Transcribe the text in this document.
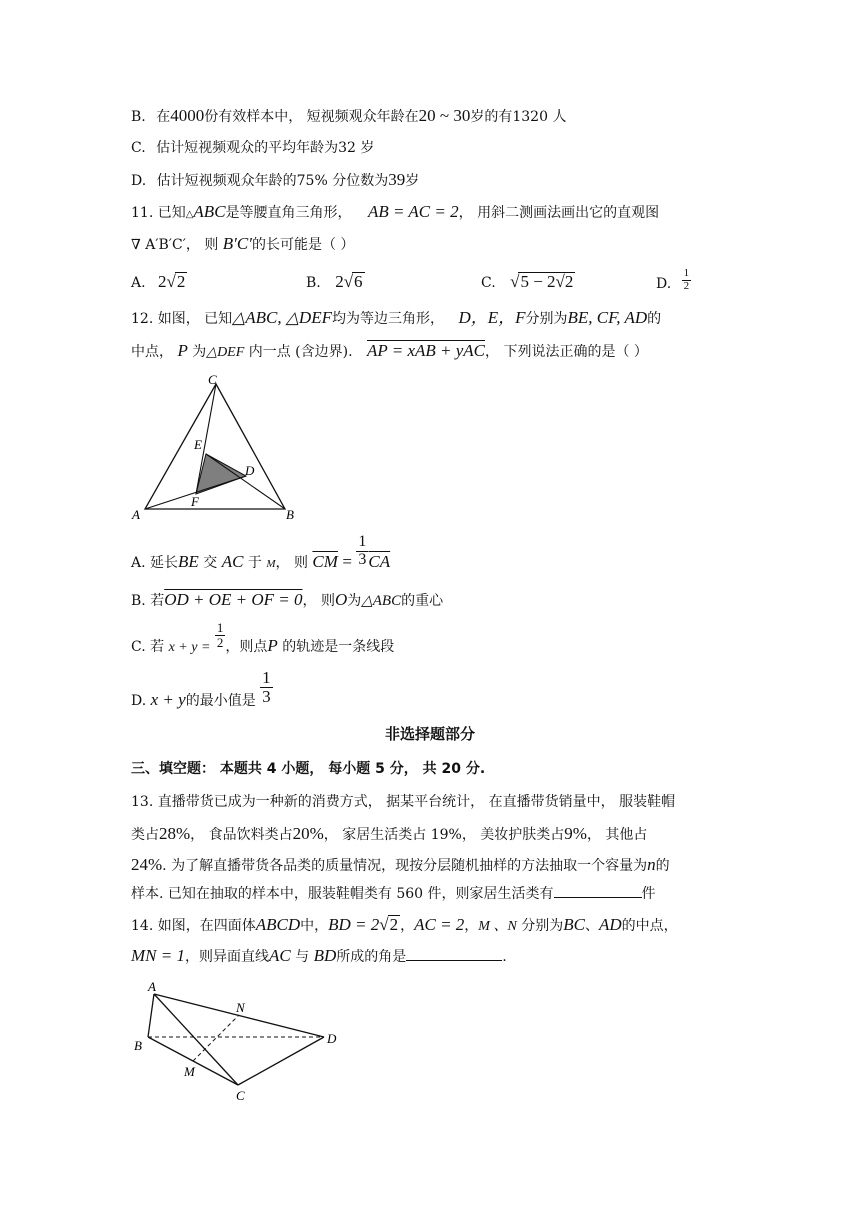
B. 在4000份有效样本中， 短视频观众年龄在20 ~ 30岁的有1320 人
C. 估计短视频观众的平均年龄为32 岁
D. 估计短视频观众年龄的75% 分位数为39岁
11. 已知△ABC是等腰直角三角形， AB = AC = 2， 用斜二测画法画出它的直观图
∇ A′B′C′， 则 B′C′的长可能是（ ）
A. 2√2	B. 2√6	C. √5 − 2√2	D. $\frac{1}{2}$
12. 如图， 已知△ABC, △DEF均为等边三角形， D，E，F分别为BE, CF, AD的
中点， P 为△DEF 内一点 (含边界). AP = xAB + yAC， 下列说法正确的是（ ）
C
E
D
F
A	B
A. 延长BE 交 AC 于 $_M$， 则 $\overline{CM} = \frac{1}{3} \overline{CA}$
B. 若OD + OE + OF = 0， 则O为△ABC的重心
C. 若 $x + y = \frac{1}{2}$ ，则点P 的轨迹是一条线段
D. x + y的最小值是 $\frac{1}{3}$
非选择题部分
三、填空题： 本题共 4 小题， 每小题 5 分， 共 20 分.
13. 直播带货已成为一种新的消费方式， 据某平台统计， 在直播带货销量中， 服装鞋帽
类占28%， 食品饮料类占20%， 家居生活类占 19%， 美妆护肤类占9%， 其他占
24%. 为了解直播带货各品类的质量情况，现按分层随机抽样的方法抽取一个容量为n的
样本. 已知在抽取的样本中，服装鞋帽类有 560 件，则家居生活类有	件
14. 如图，在四面体ABCD中，BD = 2√2 ，AC = 2，M 、N 分别为BC、AD的中点，
MN = 1，则异面直线AC 与 BD所成的角是	.
A
N
B	D
M
C
